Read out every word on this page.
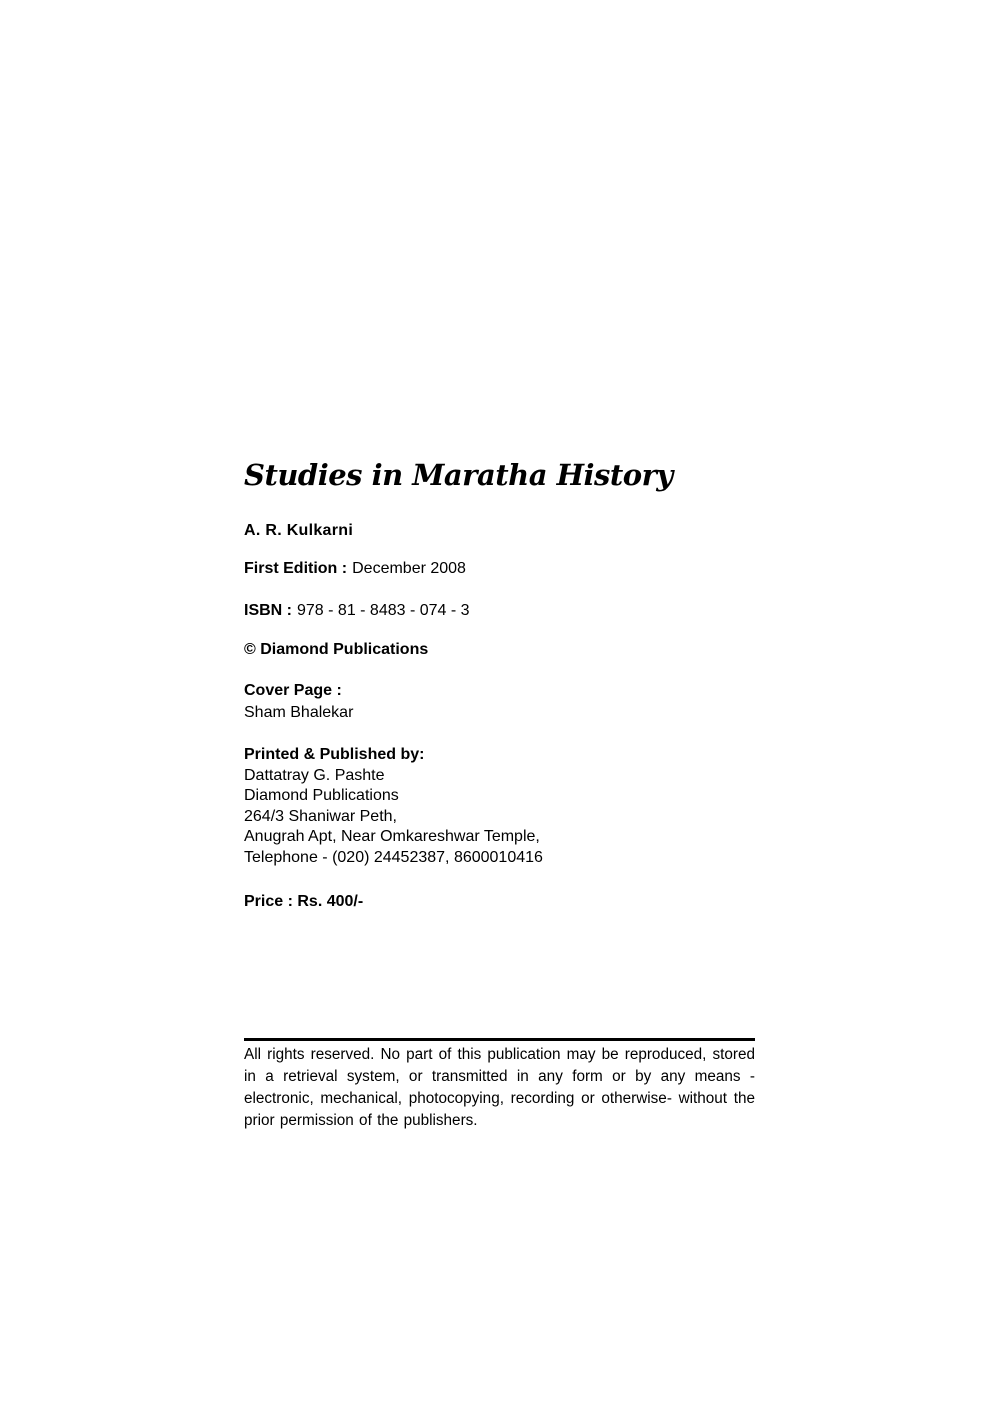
Studies in Maratha History
A. R. Kulkarni
First Edition : December 2008
ISBN : 978 - 81 - 8483 - 074 - 3
© Diamond Publications
Cover Page :
Sham Bhalekar
Printed & Published by:
Dattatray G. Pashte
Diamond Publications
264/3 Shaniwar Peth,
Anugrah Apt, Near Omkareshwar Temple,
Telephone - (020) 24452387, 8600010416
Price : Rs. 400/-
All rights reserved. No part of this publication may be reproduced, stored in a retrieval system, or transmitted in any form or by any means - electronic, mechanical, photocopying, recording or otherwise- without the prior permission of the publishers.
